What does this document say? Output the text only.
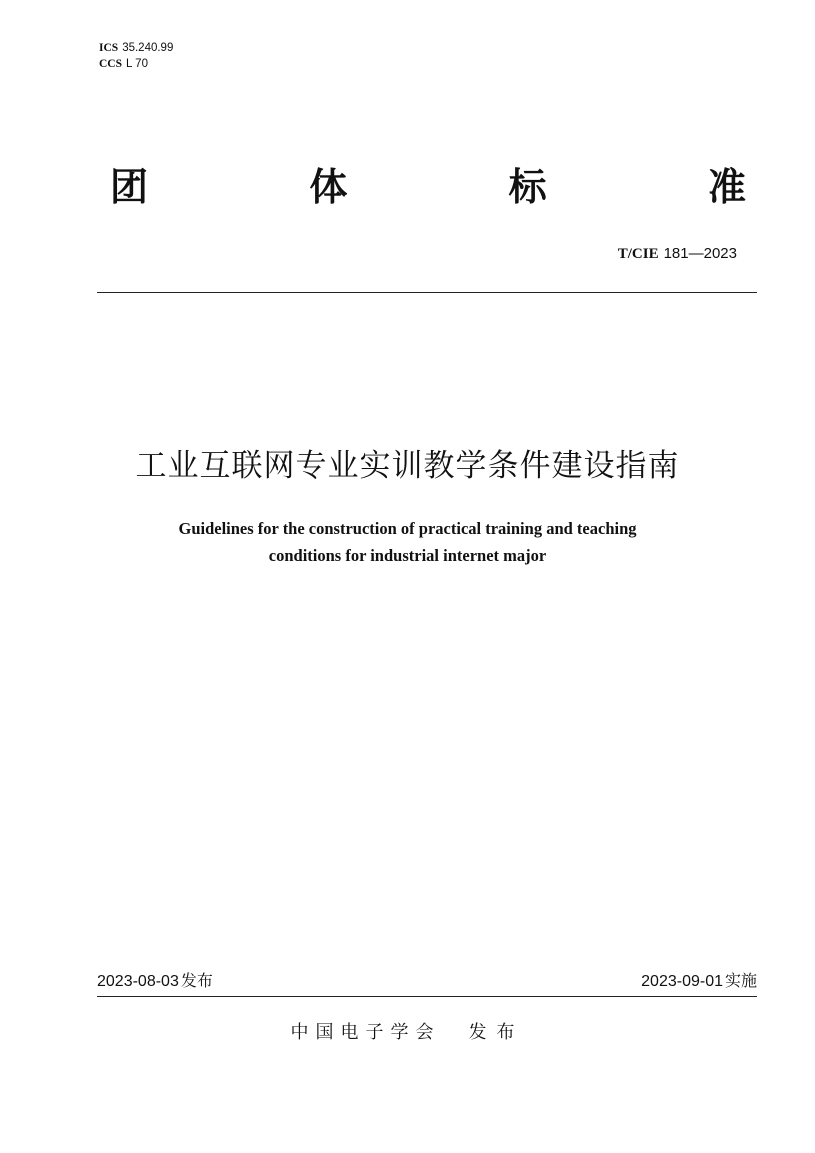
ICS 35.240.99
CCS L 70
团	体	标	准
T/CIE 181—2023
工业互联网专业实训教学条件建设指南
Guidelines for the construction of practical training and teaching
conditions for industrial internet major
2023-08-03 发布	2023-09-01 实施
中国电子学会 发布
